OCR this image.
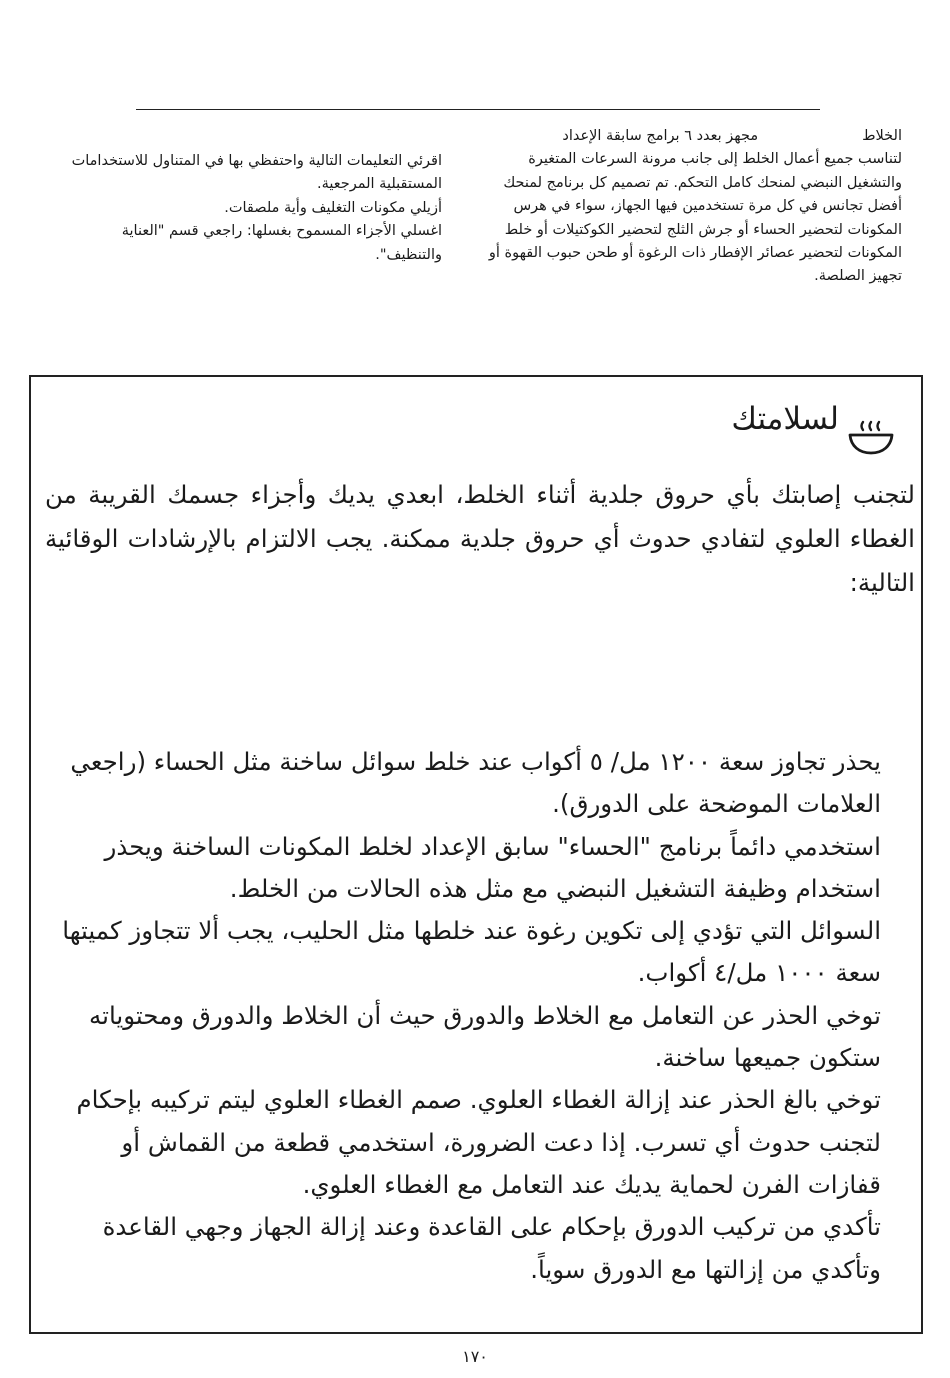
الخلاط
مجهز بعدد ٦ برامج سابقة الإعداد
لتناسب جميع أعمال الخلط إلى جانب مرونة السرعات المتغيرة والتشغيل النبضي لمنحك كامل التحكم. تم تصميم كل برنامج لمنحك أفضل تجانس في كل مرة تستخدمين فيها الجهاز، سواء في هرس المكونات لتحضير الحساء أو جرش الثلج لتحضير الكوكتيلات أو خلط المكونات لتحضير عصائر الإفطار ذات الرغوة أو طحن حبوب القهوة أو تجهيز الصلصة.

اقرئي التعليمات التالية واحتفظي بها في المتناول للاستخدامات المستقبلية المرجعية.

أزيلي مكونات التغليف وأية ملصقات.

اغسلي الأجزاء المسموح بغسلها: راجعي قسم "العناية والتنظيف".

لسلامتك

لتجنب إصابتك بأي حروق جلدية أثناء الخلط، ابعدي يديك وأجزاء جسمك القريبة من الغطاء العلوي لتفادي حدوث أي حروق جلدية ممكنة. يجب الالتزام بالإرشادات الوقائية التالية:

يحذر تجاوز سعة ١٢٠٠ مل/ ٥ أكواب عند خلط سوائل ساخنة مثل الحساء (راجعي العلامات الموضحة على الدورق).

استخدمي دائماً برنامج "الحساء" سابق الإعداد لخلط المكونات الساخنة ويحذر استخدام وظيفة التشغيل النبضي مع مثل هذه الحالات من الخلط.

السوائل التي تؤدي إلى تكوين رغوة عند خلطها مثل الحليب، يجب ألا تتجاوز كميتها سعة ١٠٠٠ مل/٤ أكواب.

توخي الحذر عن التعامل مع الخلاط والدورق حيث أن الخلاط والدورق ومحتوياته ستكون جميعها ساخنة.

توخي بالغ الحذر عند إزالة الغطاء العلوي. صمم الغطاء العلوي ليتم تركيبه بإحكام لتجنب حدوث أي تسرب. إذا دعت الضرورة، استخدمي قطعة من القماش أو قفازات الفرن لحماية يديك عند التعامل مع الغطاء العلوي.

تأكدي من تركيب الدورق بإحكام على القاعدة وعند إزالة الجهاز وجهي القاعدة وتأكدي من إزالتها مع الدورق سوياً.

١٧٠
